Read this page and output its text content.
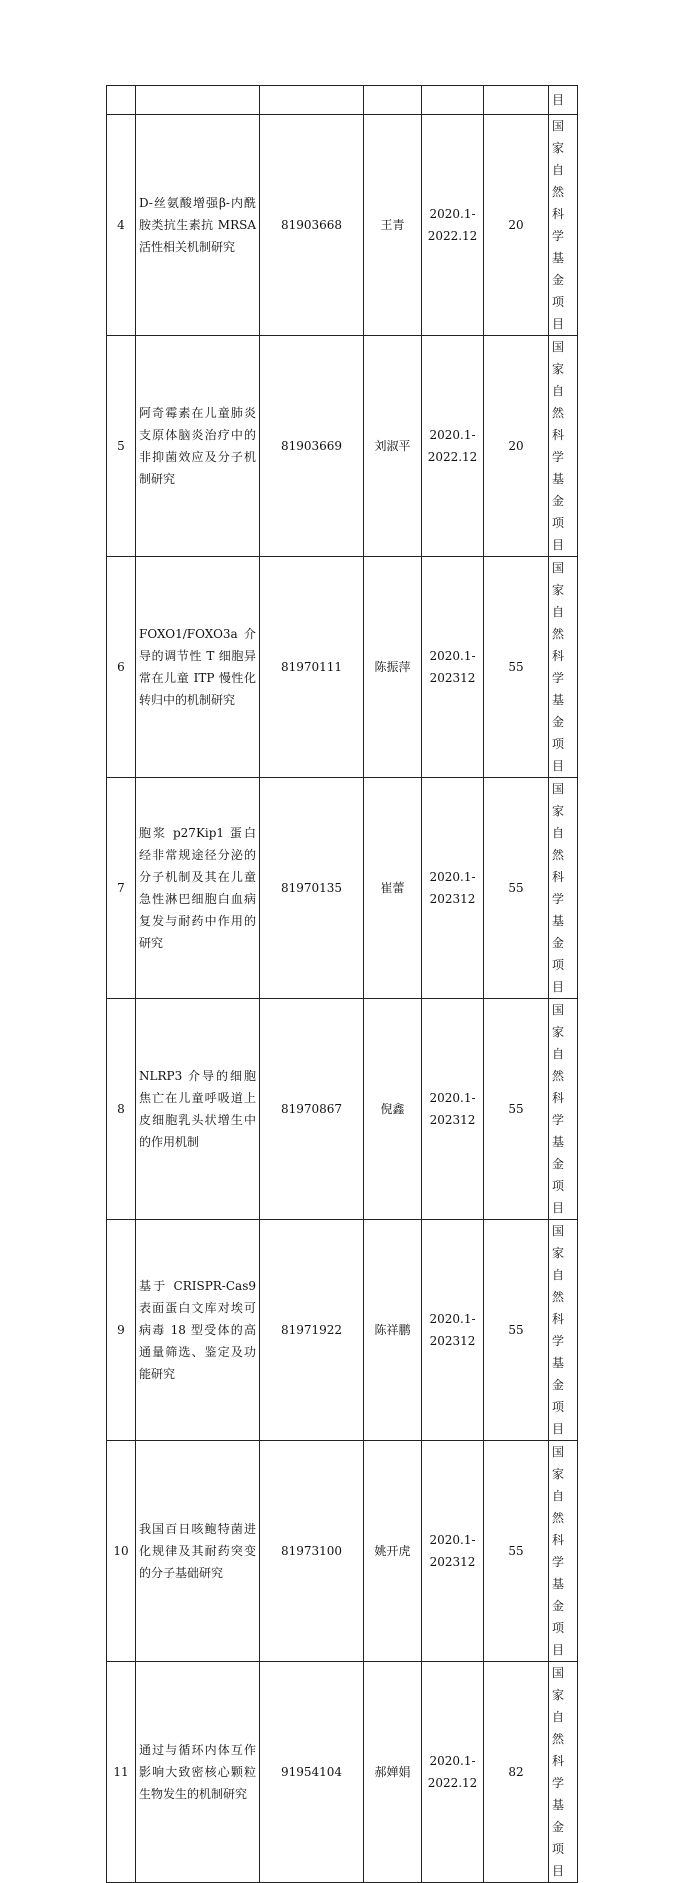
		目
4	D-丝氨酸增强β-内酰胺类抗生素抗 MRSA 活性相关机制研究	81903668	王青	2020.1-
2022.12	20	国家自然科学基金项目
5	阿奇霉素在儿童肺炎支原体脑炎治疗中的非抑菌效应及分子机制研究	81903669	刘淑平	2020.1-
2022.12	20	国家自然科学基金项目
6	FOXO1/FOXO3a 介导的调节性 T 细胞异常在儿童 ITP 慢性化转归中的机制研究	81970111	陈振萍	2020.1-
202312	55	国家自然科学基金项目
7	胞浆 p27Kip1 蛋白经非常规途径分泌的分子机制及其在儿童急性淋巴细胞白血病复发与耐药中作用的研究	81970135	崔蕾	2020.1-
202312	55	国家自然科学基金项目
8	NLRP3 介导的细胞焦亡在儿童呼吸道上皮细胞乳头状增生中的作用机制	81970867	倪鑫	2020.1-
202312	55	国家自然科学基金项目
9	基于 CRISPR-Cas9 表面蛋白文库对埃可病毒 18 型受体的高通量筛选、鉴定及功能研究	81971922	陈祥鹏	2020.1-
202312	55	国家自然科学基金项目
10	我国百日咳鲍特菌进化规律及其耐药突变的分子基础研究	81973100	姚开虎	2020.1-
202312	55	国家自然科学基金项目
11	通过与循环内体互作影响大致密核心颗粒生物发生的机制研究	91954104	郝婵娟	2020.1-
2022.12	82	国家自然科学基金项目
